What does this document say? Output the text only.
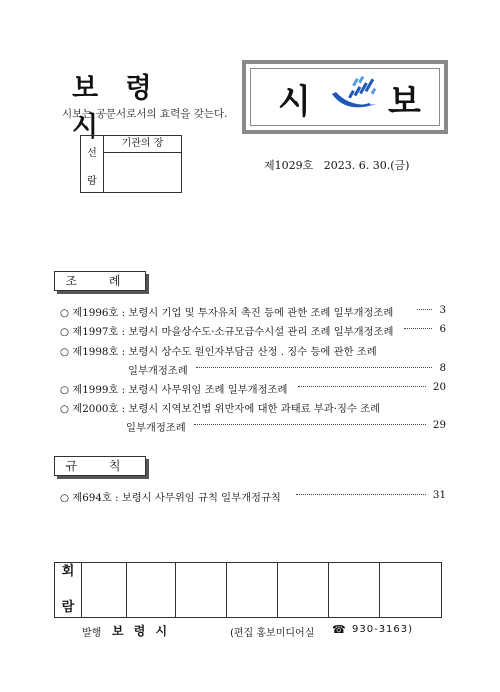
보 령 시
시보는 공문서로서의 효력을 갖는다.
선
람
기관의 장
시 보
제1029호 2023. 6. 30.(금)
조 례
○ 제1996호 : 보령시 기업 및 투자유치 촉진 등에 관한 조례 일부개정조례	3
○ 제1997호 : 보령시 마을상수도·소규모급수시설 관리 조례 일부개정조례	6
○ 제1998호 : 보령시 상수도 원인자부담금 산정 . 징수 등에 관한 조례
일부개정조례	8
○ 제1999호 : 보령시 사무위임 조례 일부개정조례	20
○ 제2000호 : 보령시 지역보건법 위반자에 대한 과태료 부과·징수 조례
일부개정조례	29
규 칙
○ 제694호 : 보령시 사무위임 규칙 일부개정규칙	31
회

람							
발행 보 령 시	(편집 홍보미디어실 ☎ 930-3163)
